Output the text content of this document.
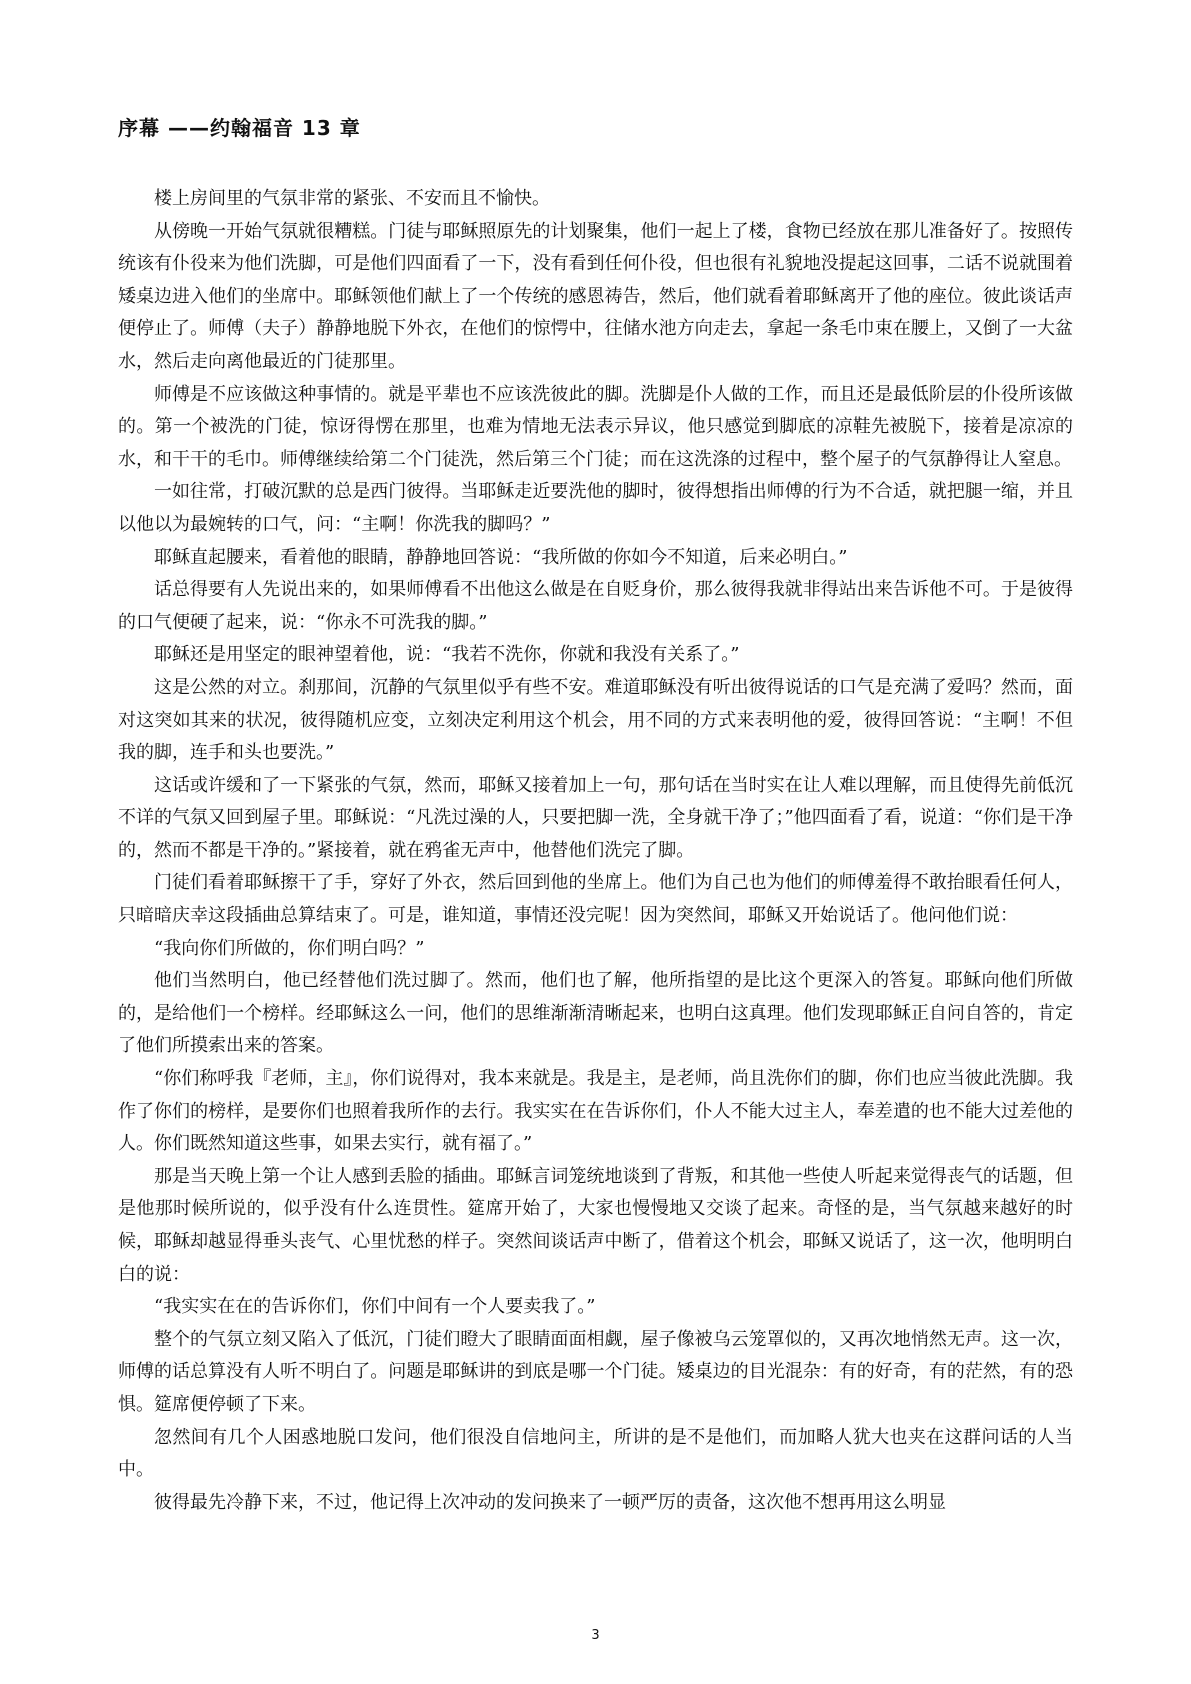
序幕 ——约翰福音 13 章

楼上房间里的气氛非常的紧张、不安而且不愉快。

从傍晚一开始气氛就很糟糕。门徒与耶稣照原先的计划聚集，他们一起上了楼，食物已经放在那儿准备好了。按照传统该有仆役来为他们洗脚，可是他们四面看了一下，没有看到任何仆役，但也很有礼貌地没提起这回事，二话不说就围着矮桌边进入他们的坐席中。耶稣领他们献上了一个传统的感恩祷告，然后，他们就看着耶稣离开了他的座位。彼此谈话声便停止了。师傅（夫子）静静地脱下外衣，在他们的惊愕中，往储水池方向走去，拿起一条毛巾束在腰上，又倒了一大盆水，然后走向离他最近的门徒那里。

师傅是不应该做这种事情的。就是平辈也不应该洗彼此的脚。洗脚是仆人做的工作，而且还是最低阶层的仆役所该做的。第一个被洗的门徒，惊讶得愣在那里，也难为情地无法表示异议，他只感觉到脚底的凉鞋先被脱下，接着是凉凉的水，和干干的毛巾。师傅继续给第二个门徒洗，然后第三个门徒；而在这洗涤的过程中，整个屋子的气氛静得让人窒息。

一如往常，打破沉默的总是西门彼得。当耶稣走近要洗他的脚时，彼得想指出师傅的行为不合适，就把腿一缩，并且以他以为最婉转的口气，问：“主啊！你洗我的脚吗？”

耶稣直起腰来，看着他的眼睛，静静地回答说：“我所做的你如今不知道，后来必明白。”

话总得要有人先说出来的，如果师傅看不出他这么做是在自贬身价，那么彼得我就非得站出来告诉他不可。于是彼得的口气便硬了起来，说：“你永不可洗我的脚。”

耶稣还是用坚定的眼神望着他，说：“我若不洗你，你就和我没有关系了。”

这是公然的对立。刹那间，沉静的气氛里似乎有些不安。难道耶稣没有听出彼得说话的口气是充满了爱吗？然而，面对这突如其来的状况，彼得随机应变，立刻决定利用这个机会，用不同的方式来表明他的爱，彼得回答说：“主啊！不但我的脚，连手和头也要洗。”

这话或许缓和了一下紧张的气氛，然而，耶稣又接着加上一句，那句话在当时实在让人难以理解，而且使得先前低沉不详的气氛又回到屋子里。耶稣说：“凡洗过澡的人，只要把脚一洗，全身就干净了；”他四面看了看，说道：“你们是干净的，然而不都是干净的。”紧接着，就在鸦雀无声中，他替他们洗完了脚。

门徒们看着耶稣擦干了手，穿好了外衣，然后回到他的坐席上。他们为自己也为他们的师傅羞得不敢抬眼看任何人，只暗暗庆幸这段插曲总算结束了。可是，谁知道，事情还没完呢！因为突然间，耶稣又开始说话了。他问他们说：

“我向你们所做的，你们明白吗？”

他们当然明白，他已经替他们洗过脚了。然而，他们也了解，他所指望的是比这个更深入的答复。耶稣向他们所做的，是给他们一个榜样。经耶稣这么一问，他们的思维渐渐清晰起来，也明白这真理。他们发现耶稣正自问自答的，肯定了他们所摸索出来的答案。

“你们称呼我『老师，主』，你们说得对，我本来就是。我是主，是老师，尚且洗你们的脚，你们也应当彼此洗脚。我作了你们的榜样，是要你们也照着我所作的去行。我实实在在告诉你们，仆人不能大过主人，奉差遣的也不能大过差他的人。你们既然知道这些事，如果去实行，就有福了。”

那是当天晚上第一个让人感到丢脸的插曲。耶稣言词笼统地谈到了背叛，和其他一些使人听起来觉得丧气的话题，但是他那时候所说的，似乎没有什么连贯性。筵席开始了，大家也慢慢地又交谈了起来。奇怪的是，当气氛越来越好的时候，耶稣却越显得垂头丧气、心里忧愁的样子。突然间谈话声中断了，借着这个机会，耶稣又说话了，这一次，他明明白白的说：

“我实实在在的告诉你们，你们中间有一个人要卖我了。”

整个的气氛立刻又陷入了低沉，门徒们瞪大了眼睛面面相觑，屋子像被乌云笼罩似的，又再次地悄然无声。这一次，师傅的话总算没有人听不明白了。问题是耶稣讲的到底是哪一个门徒。矮桌边的目光混杂：有的好奇，有的茫然，有的恐惧。筵席便停顿了下来。

忽然间有几个人困惑地脱口发问，他们很没自信地问主，所讲的是不是他们，而加略人犹大也夹在这群问话的人当中。

彼得最先冷静下来，不过，他记得上次冲动的发问换来了一顿严厉的责备，这次他不想再用这么明显

3
